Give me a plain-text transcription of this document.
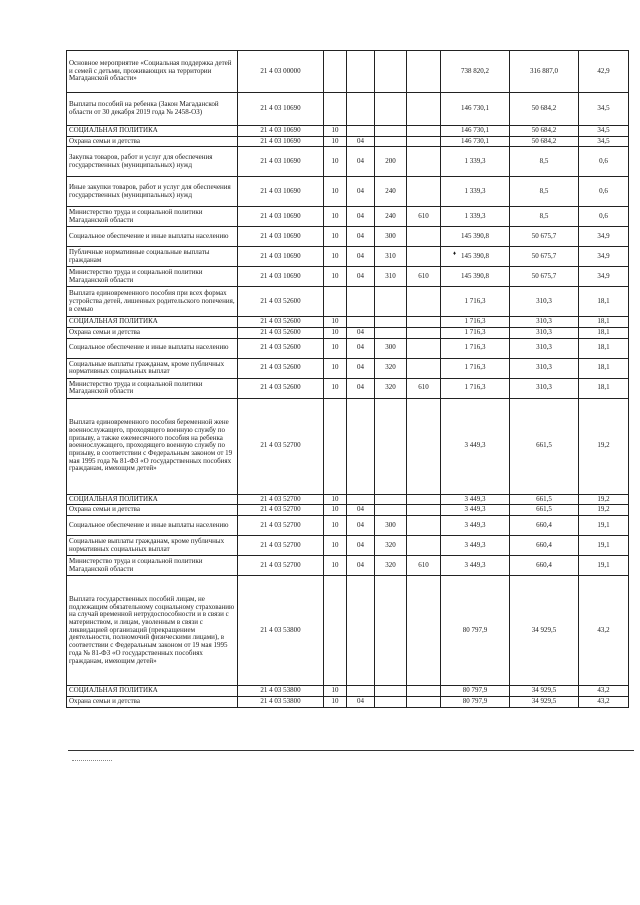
Основное мероприятие «Социальная поддержка детей и семей с детьми, проживающих на территории Магаданской области»	21 4 03 00000					738 820,2	316 887,0	42,9
Выплаты пособий на ребенка (Закон Магаданской области от 30 декабря 2019 года № 2458-ОЗ)	21 4 03 10690					146 730,1	50 684,2	34,5
СОЦИАЛЬНАЯ ПОЛИТИКА	21 4 03 10690	10				146 730,1	50 684,2	34,5
Охрана семьи и детства	21 4 03 10690	10	04			146 730,1	50 684,2	34,5
Закупка товаров, работ и услуг для обеспечения государственных (муниципальных) нужд	21 4 03 10690	10	04	200		1 339,3	8,5	0,6
Иные закупки товаров, работ и услуг для обеспечения государственных (муниципальных) нужд	21 4 03 10690	10	04	240		1 339,3	8,5	0,6
Министерство труда и социальной политики Магаданской области	21 4 03 10690	10	04	240	610	1 339,3	8,5	0,6
Социальное обеспечение и иные выплаты населению	21 4 03 10690	10	04	300		145 390,8	50 675,7	34,9
Публичные нормативные социальные выплаты гражданам	21 4 03 10690	10	04	310		145 390,8	50 675,7	34,9
Министерство труда и социальной политики Магаданской области	21 4 03 10690	10	04	310	610	145 390,8	50 675,7	34,9
Выплата единовременного пособия при всех формах устройства детей, лишенных родительского попечения, в семью	21 4 03 52600					1 716,3	310,3	18,1
СОЦИАЛЬНАЯ ПОЛИТИКА	21 4 03 52600	10				1 716,3	310,3	18,1
Охрана семьи и детства	21 4 03 52600	10	04			1 716,3	310,3	18,1
Социальное обеспечение и иные выплаты населению	21 4 03 52600	10	04	300		1 716,3	310,3	18,1
Социальные выплаты гражданам, кроме публичных нормативных социальных выплат	21 4 03 52600	10	04	320		1 716,3	310,3	18,1
Министерство труда и социальной политики Магаданской области	21 4 03 52600	10	04	320	610	1 716,3	310,3	18,1
Выплата единовременного пособия беременной жене военнослужащего, проходящего военную службу по призыву, а также ежемесячного пособия на ребенка военнослужащего, проходящего военную службу по призыву, в соответствии с Федеральным законом от 19 мая 1995 года № 81-ФЗ «О государственных пособиях гражданам, имеющим детей»	21 4 03 52700					3 449,3	661,5	19,2
СОЦИАЛЬНАЯ ПОЛИТИКА	21 4 03 52700	10				3 449,3	661,5	19,2
Охрана семьи и детства	21 4 03 52700	10	04			3 449,3	661,5	19,2
Социальное обеспечение и иные выплаты населению	21 4 03 52700	10	04	300		3 449,3	660,4	19,1
Социальные выплаты гражданам, кроме публичных нормативных социальных выплат	21 4 03 52700	10	04	320		3 449,3	660,4	19,1
Министерство труда и социальной политики Магаданской области	21 4 03 52700	10	04	320	610	3 449,3	660,4	19,1
Выплата государственных пособий лицам, не подлежащим обязательному социальному страхованию на случай временной нетрудоспособности и в связи с материнством, и лицам, уволенным в связи с ликвидацией организаций (прекращением деятельности, полномочий физическими лицами), в соответствии с Федеральным законом от 19 мая 1995 года № 81-ФЗ «О государственных пособиях гражданам, имеющим детей»	21 4 03 53800					80 797,9	34 929,5	43,2
СОЦИАЛЬНАЯ ПОЛИТИКА	21 4 03 53800	10				80 797,9	34 929,5	43,2
Охрана семьи и детства	21 4 03 53800	10	04			80 797,9	34 929,5	43,2
♦
